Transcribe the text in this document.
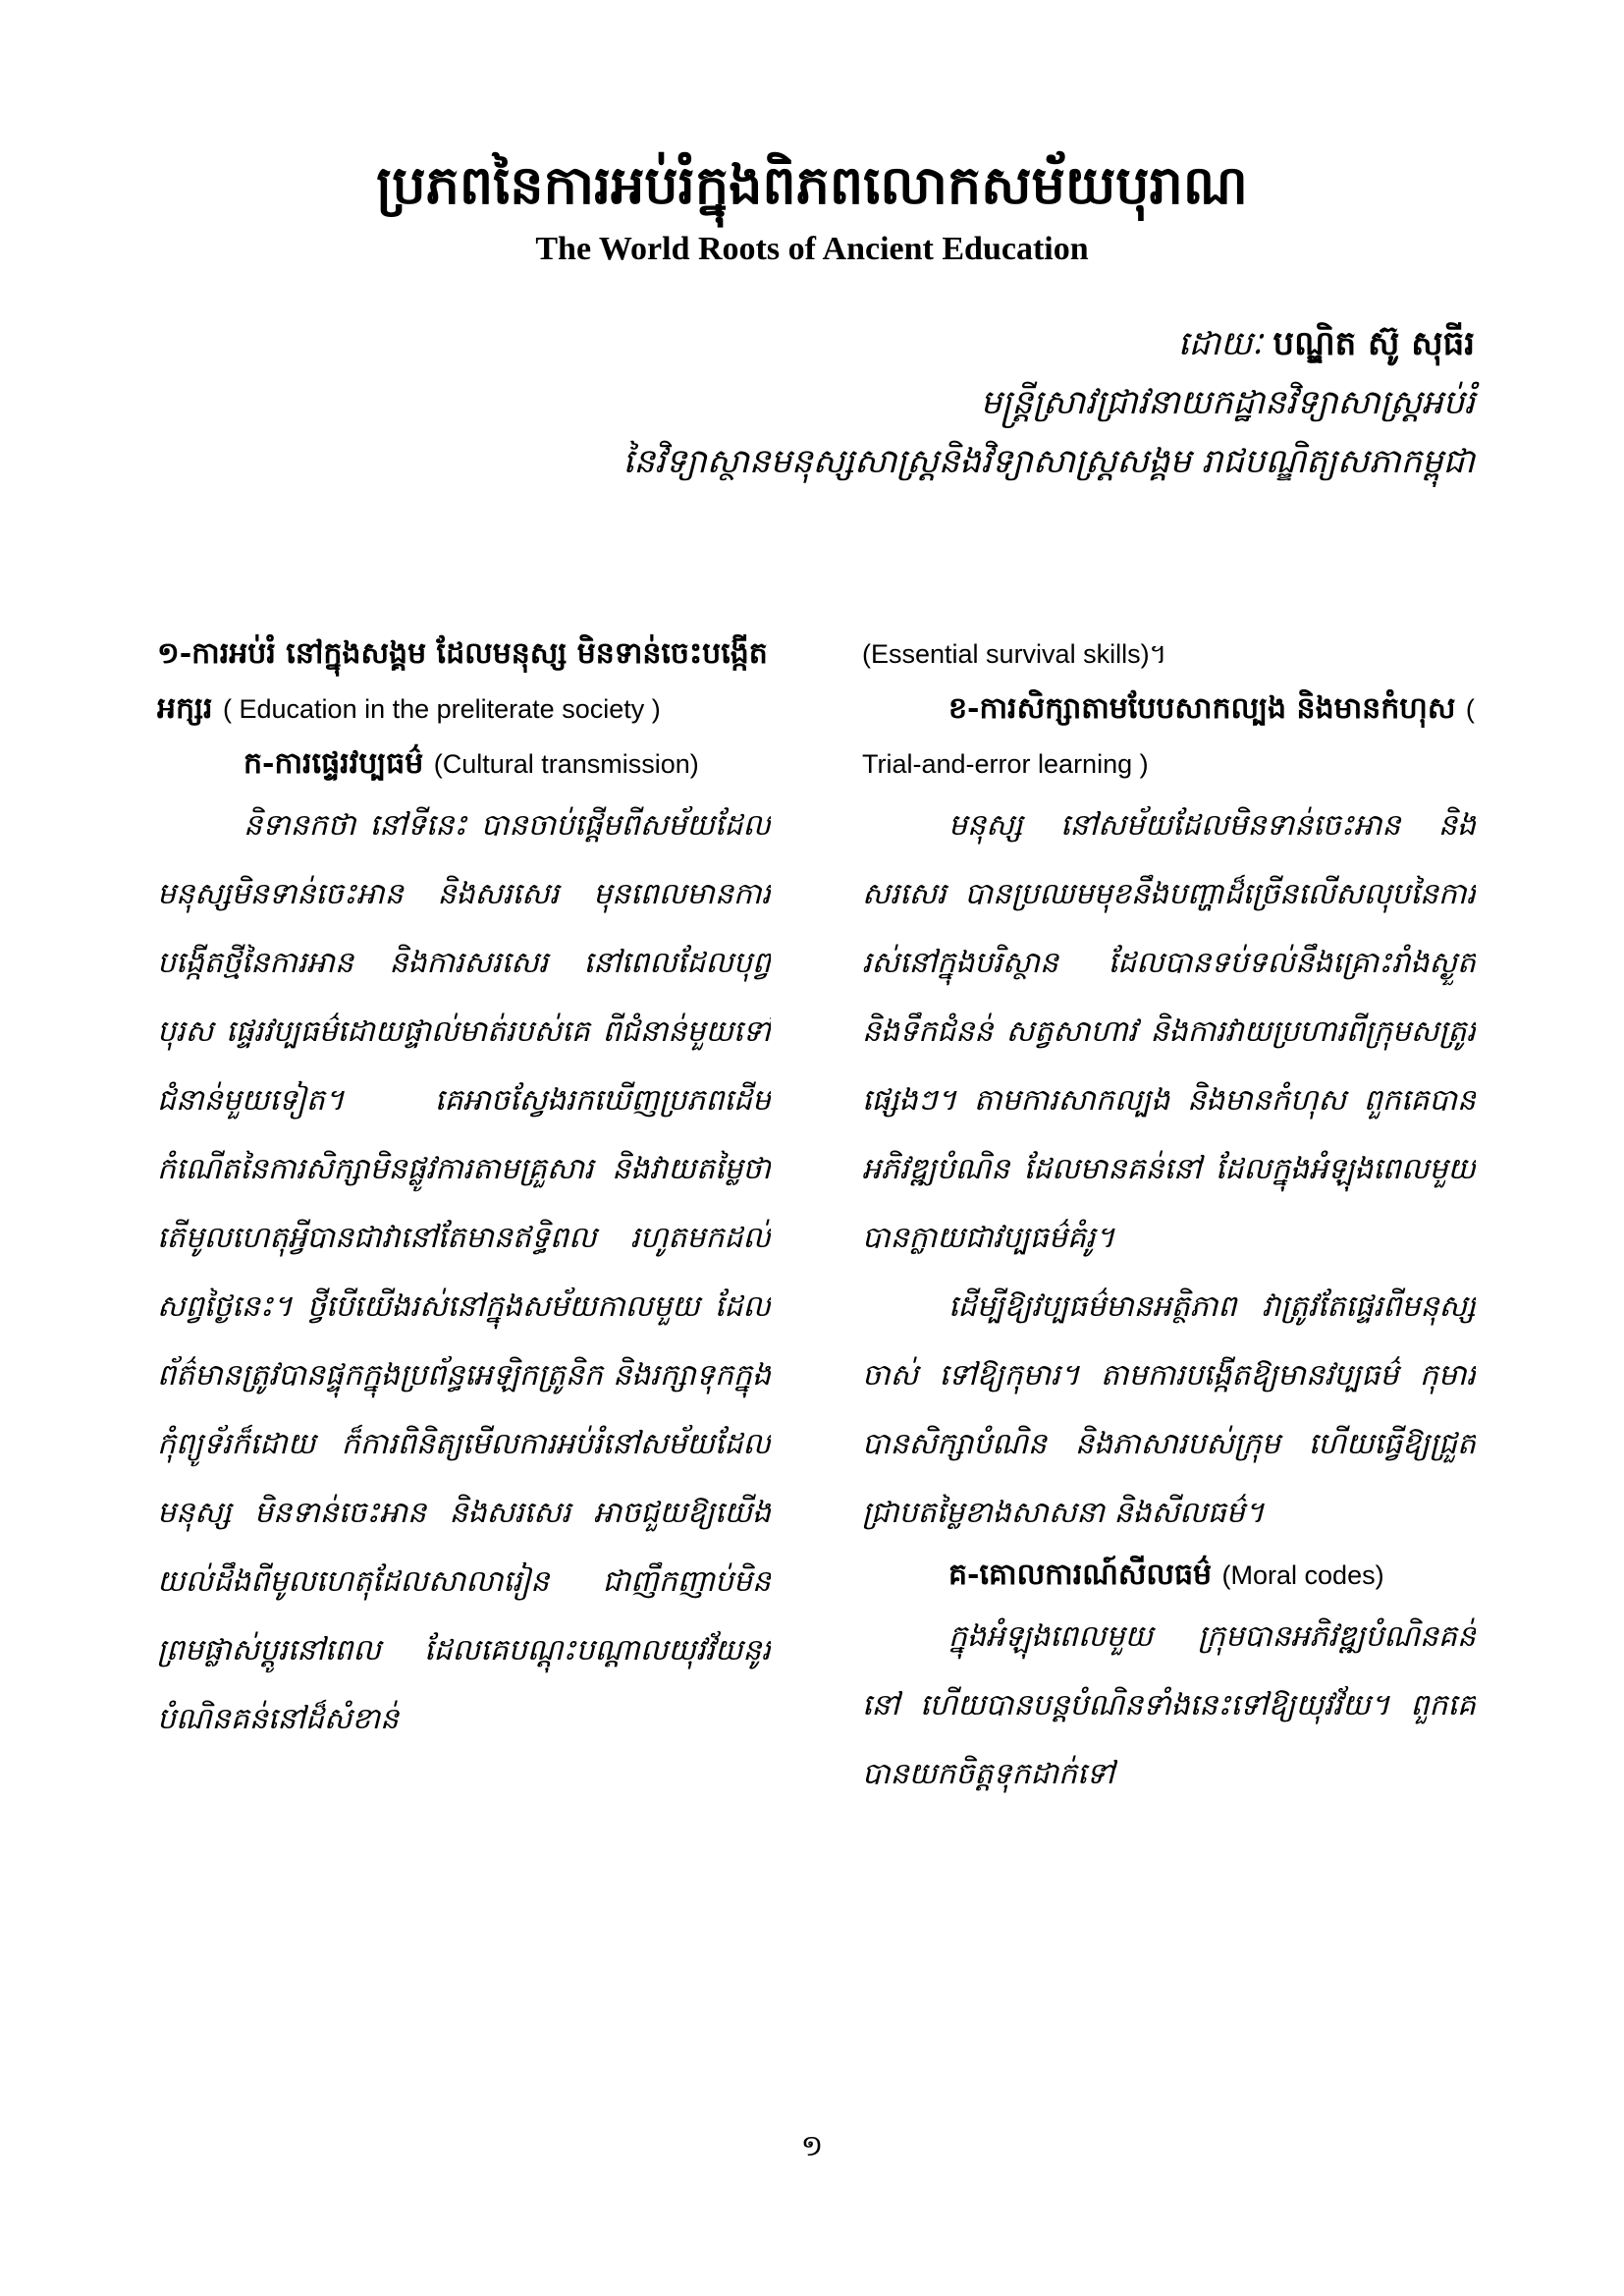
ប្រភពនៃការអប់រំក្នុងពិភពលោកសម័យបុរាណ
The World Roots of Ancient Education
ដោយៈ បណ្ឌិត ស៊ូ សុធីរ
មន្ត្រីស្រាវជ្រាវនាយកដ្ឋានវិទ្យាសាស្ត្រអប់រំ
នៃវិទ្យាស្ថានមនុស្សសាស្ត្រនិងវិទ្យាសាស្ត្រសង្គម រាជបណ្ឌិត្យសភាកម្ពុជា
១-ការអប់រំ នៅក្នុងសង្គម ដែលមនុស្ស មិនទាន់ចេះបង្កើតអក្សរ ( Education in the preliterate society )
ក-ការផ្ទេរវប្បធម៌ (Cultural transmission)

និទានកថា នៅទីនេះ បានចាប់ផ្ដើមពីសម័យដែលមនុស្សមិនទាន់ចេះអាន និងសរសេរ មុនពេលមានការបង្កើតថ្មីនៃការអាន និងការសរសេរ នៅពេលដែលបុព្វបុរស ផ្ទេរវប្បធម៌ដោយផ្ទាល់មាត់របស់គេ ពីជំនាន់មួយទៅជំនាន់មួយទៀត។ គេអាចស្វែងរកឃើញប្រភពដើមកំណើតនៃការសិក្សាមិនផ្លូវការតាមគ្រួសារ និងវាយតម្លៃថា តើមូលហេតុអ្វីបានជាវានៅតែមានឥទ្ធិពល រហូតមកដល់សព្វថ្ងៃនេះ។ ថ្វីបើយើងរស់នៅក្នុងសម័យកាលមួយ ដែលព័ត៌មានត្រូវបានផ្ទុកក្នុងប្រព័ន្ធអេឡិកត្រូនិក និងរក្សាទុកក្នុងកុំព្យូទ័រក៏ដោយ ក៏ការពិនិត្យមើលការអប់រំនៅសម័យដែលមនុស្ស មិនទាន់ចេះអាន និងសរសេរ អាចជួយឱ្យយើងយល់ដឹងពីមូលហេតុដែលសាលារៀន ជាញឹកញាប់មិនព្រមផ្លាស់ប្ដូរនៅពេល ដែលគេបណ្ដុះបណ្ដាលយុវវ័យនូវបំណិនគន់នៅដ៏សំខាន់

(Essential survival skills)។
ខ-ការសិក្សាតាមបែបសាកល្បង និងមានកំហុស ( Trial-and-error learning )

មនុស្ស នៅសម័យដែលមិនទាន់ចេះអាន និងសរសេរ បានប្រឈមមុខនឹងបញ្ហាដ៏ច្រើនលើសលុបនៃការរស់នៅក្នុងបរិស្ថាន ដែលបានទប់ទល់នឹងគ្រោះរាំងស្ងួត និងទឹកជំនន់ សត្វសាហាវ និងការវាយប្រហារពីក្រុមសត្រូវផ្សេងៗ។ តាមការសាកល្បង និងមានកំហុស ពួកគេបានអភិវឌ្ឍបំណិន ដែលមានគន់នៅ ដែលក្នុងអំឡុងពេលមួយ បានក្លាយជាវប្បធម៌គំរូ។

ដើម្បីឱ្យវប្បធម៌មានអត្ថិភាព វាត្រូវតែផ្ទេរពីមនុស្សចាស់ ទៅឱ្យកុមារ។ តាមការបង្កើតឱ្យមានវប្បធម៌ កុមារ បានសិក្សាបំណិន និងភាសារបស់ក្រុម ហើយធ្វើឱ្យជ្រួតជ្រាបតម្លៃខាងសាសនា និងសីលធម៌។

គ-គោលការណ៍សីលធម៌ (Moral codes)

ក្នុងអំឡុងពេលមួយ ក្រុមបានអភិវឌ្ឍបំណិនគន់នៅ ហើយបានបន្តបំណិនទាំងនេះទៅឱ្យយុវវ័យ។ ពួកគេបានយកចិត្តទុកដាក់ទៅ

១
